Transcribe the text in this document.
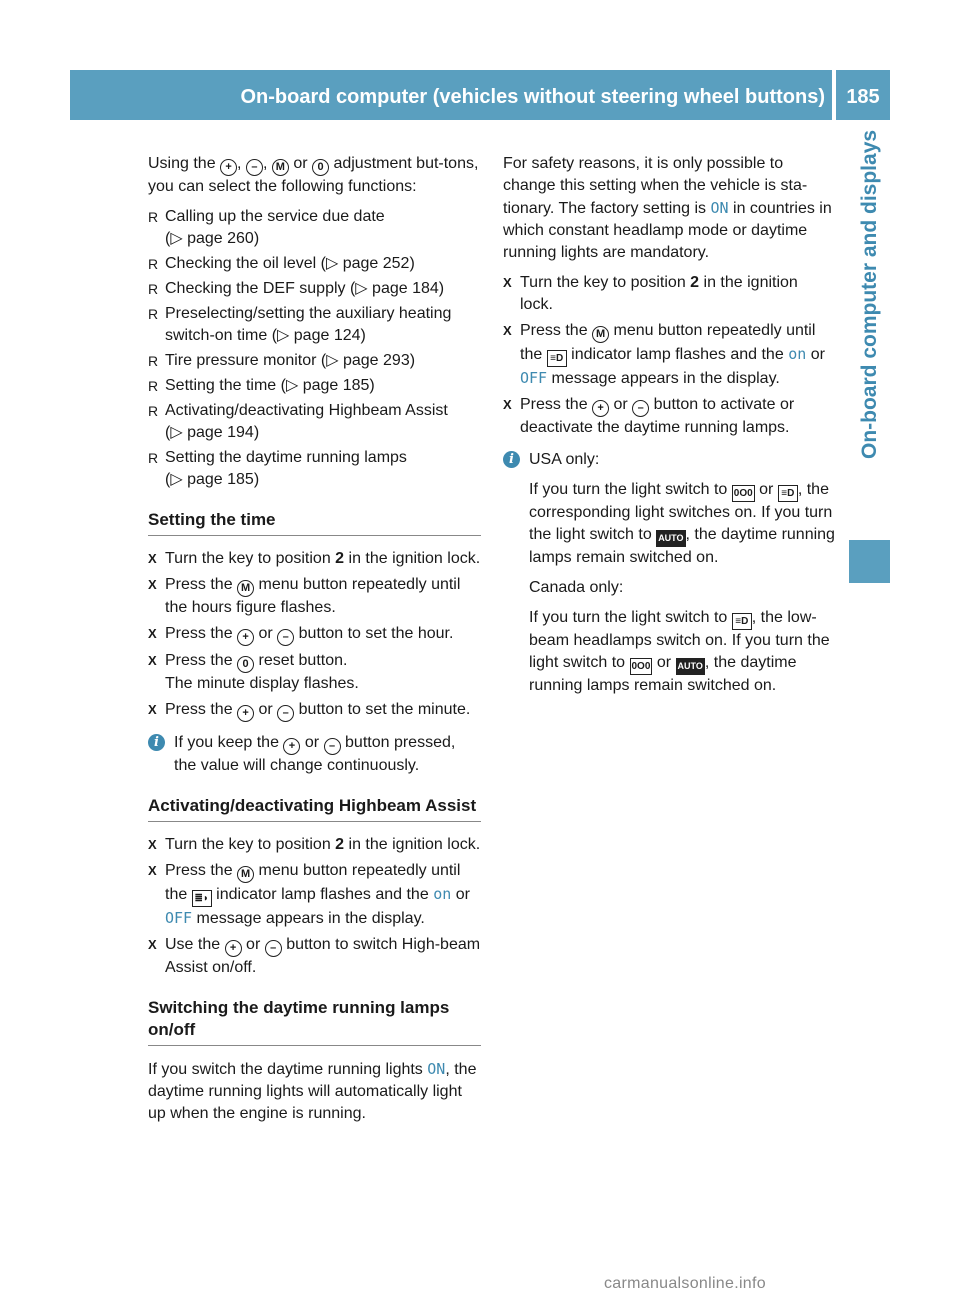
On-board computer (vehicles without steering wheel buttons)	185
On-board computer and displays

Using the + , – , M or 0 adjustment but-tons, you can select the following functions:

R Calling up the service due date
(▷ page 260)
R Checking the oil level (▷ page 252)
R Checking the DEF supply (▷ page 184)
R Preselecting/setting the auxiliary heating switch-on time (▷ page 124)
R Tire pressure monitor (▷ page 293)
R Setting the time (▷ page 185)
R Activating/deactivating Highbeam Assist
(▷ page 194)
R Setting the daytime running lamps
(▷ page 185)
Setting the time
X Turn the key to position 2 in the ignition lock.
X Press the M menu button repeatedly until the hours figure flashes.
X Press the + or – button to set the hour.
X Press the 0 reset button.
The minute display flashes.
X Press the + or – button to set the minute.
i If you keep the + or – button pressed, the value will change continuously.
Activating/deactivating Highbeam Assist
X Turn the key to position 2 in the ignition lock.
X Press the M menu button repeatedly until the ≣◗ indicator lamp flashes and the on or OFF message appears in the display.
X Use the + or – button to switch High-beam Assist on/off.
Switching the daytime running lamps on/off

If you switch the daytime running lights ON, the daytime running lights will automatically light up when the engine is running.

For safety reasons, it is only possible to change this setting when the vehicle is sta-tionary. The factory setting is ON in countries in which constant headlamp mode or daytime running lights are mandatory.

X Turn the key to position 2 in the ignition lock.
X Press the M menu button repeatedly until the ≡D indicator lamp flashes and the on or OFF message appears in the display.
X Press the + or – button to activate or deactivate the daytime running lamps.
i USA only:

If you turn the light switch to 0O0 or ≡D , the corresponding light switches on. If you turn the light switch to AUTO , the daytime running lamps remain switched on.

Canada only:

If you turn the light switch to ≡D , the low-beam headlamps switch on. If you turn the light switch to 0O0 or AUTO , the daytime running lamps remain switched on.

carmanualsonline.info
